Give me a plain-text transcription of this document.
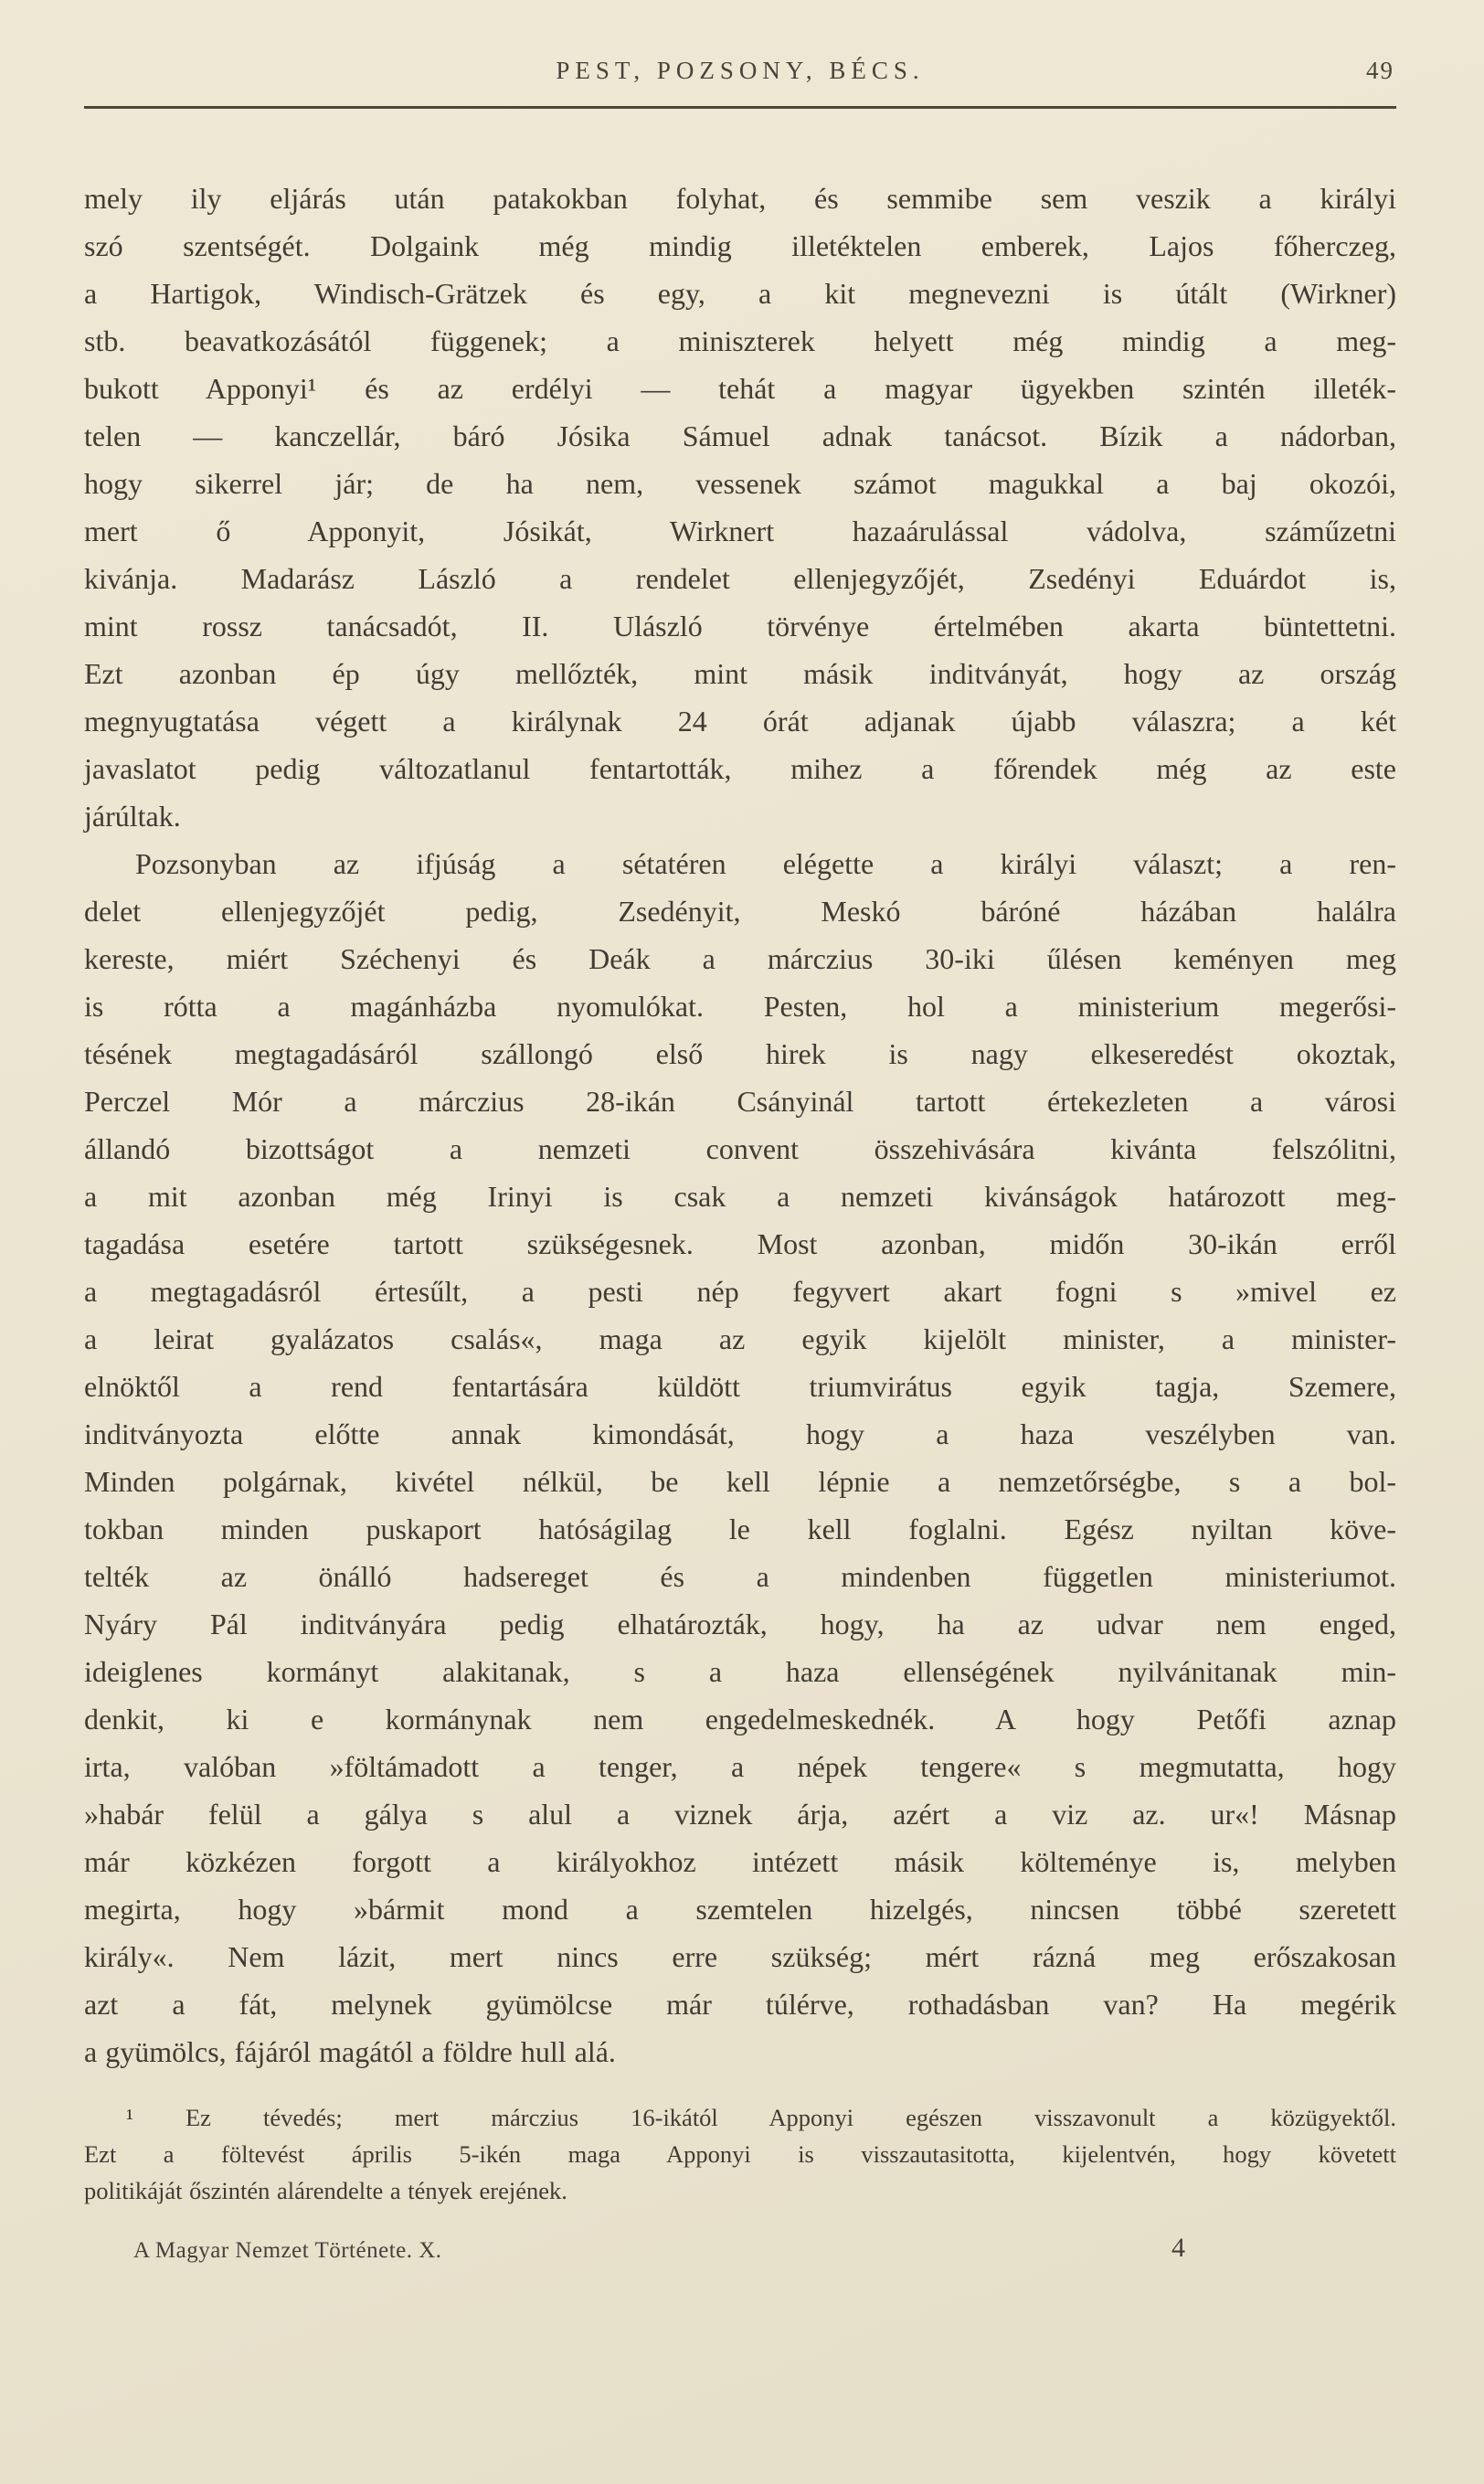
PEST, POZSONY, BÉCS.	49
mely ily eljárás után patakokban folyhat, és semmibe sem veszik a királyi
szó szentségét. Dolgaink még mindig illetéktelen emberek, Lajos főherczeg,
a Hartigok, Windisch-Grätzek és egy, a kit megnevezni is útált (Wirkner)
stb. beavatkozásától függenek; a miniszterek helyett még mindig a meg-
bukott Apponyi¹ és az erdélyi — tehát a magyar ügyekben szintén illeték-
telen — kanczellár, báró Jósika Sámuel adnak tanácsot. Bízik a nádorban,
hogy sikerrel jár; de ha nem, vessenek számot magukkal a baj okozói,
mert ő Apponyit, Jósikát, Wirknert hazaárulással vádolva, száműzetni
kivánja. Madarász László a rendelet ellenjegyzőjét, Zsedényi Eduárdot is,
mint rossz tanácsadót, II. Ulászló törvénye értelmében akarta büntettetni.
Ezt azonban ép úgy mellőzték, mint másik inditványát, hogy az ország
megnyugtatása végett a királynak 24 órát adjanak újabb válaszra; a két
javaslatot pedig változatlanul fentartották, mihez a főrendek még az este
járúltak.
Pozsonyban az ifjúság a sétatéren elégette a királyi választ; a ren-
delet ellenjegyzőjét pedig, Zsedényit, Meskó báróné házában halálra
kereste, miért Széchenyi és Deák a márczius 30-iki űlésen keményen meg
is rótta a magánházba nyomulókat. Pesten, hol a ministerium megerősi-
tésének megtagadásáról szállongó első hirek is nagy elkeseredést okoztak,
Perczel Mór a márczius 28-ikán Csányinál tartott értekezleten a városi
állandó bizottságot a nemzeti convent összehivására kivánta felszólitni,
a mit azonban még Irinyi is csak a nemzeti kivánságok határozott meg-
tagadása esetére tartott szükségesnek. Most azonban, midőn 30-ikán erről
a megtagadásról értesűlt, a pesti nép fegyvert akart fogni s »mivel ez
a leirat gyalázatos csalás«, maga az egyik kijelölt minister, a minister-
elnöktől a rend fentartására küldött triumvirátus egyik tagja, Szemere,
inditványozta előtte annak kimondását, hogy a haza veszélyben van.
Minden polgárnak, kivétel nélkül, be kell lépnie a nemzetőrségbe, s a bol-
tokban minden puskaport hatóságilag le kell foglalni. Egész nyiltan köve-
telték az önálló hadsereget és a mindenben független ministeriumot.
Nyáry Pál inditványára pedig elhatározták, hogy, ha az udvar nem enged,
ideiglenes kormányt alakitanak, s a haza ellenségének nyilvánitanak min-
denkit, ki e kormánynak nem engedelmeskednék. A hogy Petőfi aznap
irta, valóban »föltámadott a tenger, a népek tengere« s megmutatta, hogy
»habár felül a gálya s alul a viznek árja, azért a viz az. ur«! Másnap
már közkézen forgott a királyokhoz intézett másik költeménye is, melyben
megirta, hogy »bármit mond a szemtelen hizelgés, nincsen többé szeretett
király«. Nem lázit, mert nincs erre szükség; mért rázná meg erőszakosan
azt a fát, melynek gyümölcse már túlérve, rothadásban van? Ha megérik
a gyümölcs, fájáról magától a földre hull alá.
¹ Ez tévedés; mert márczius 16-ikától Apponyi egészen visszavonult a közügyektől.
Ezt a föltevést április 5-ikén maga Apponyi is visszautasitotta, kijelentvén, hogy követett
politikáját őszintén alárendelte a tények erejének.
A Magyar Nemzet Története. X.	4
